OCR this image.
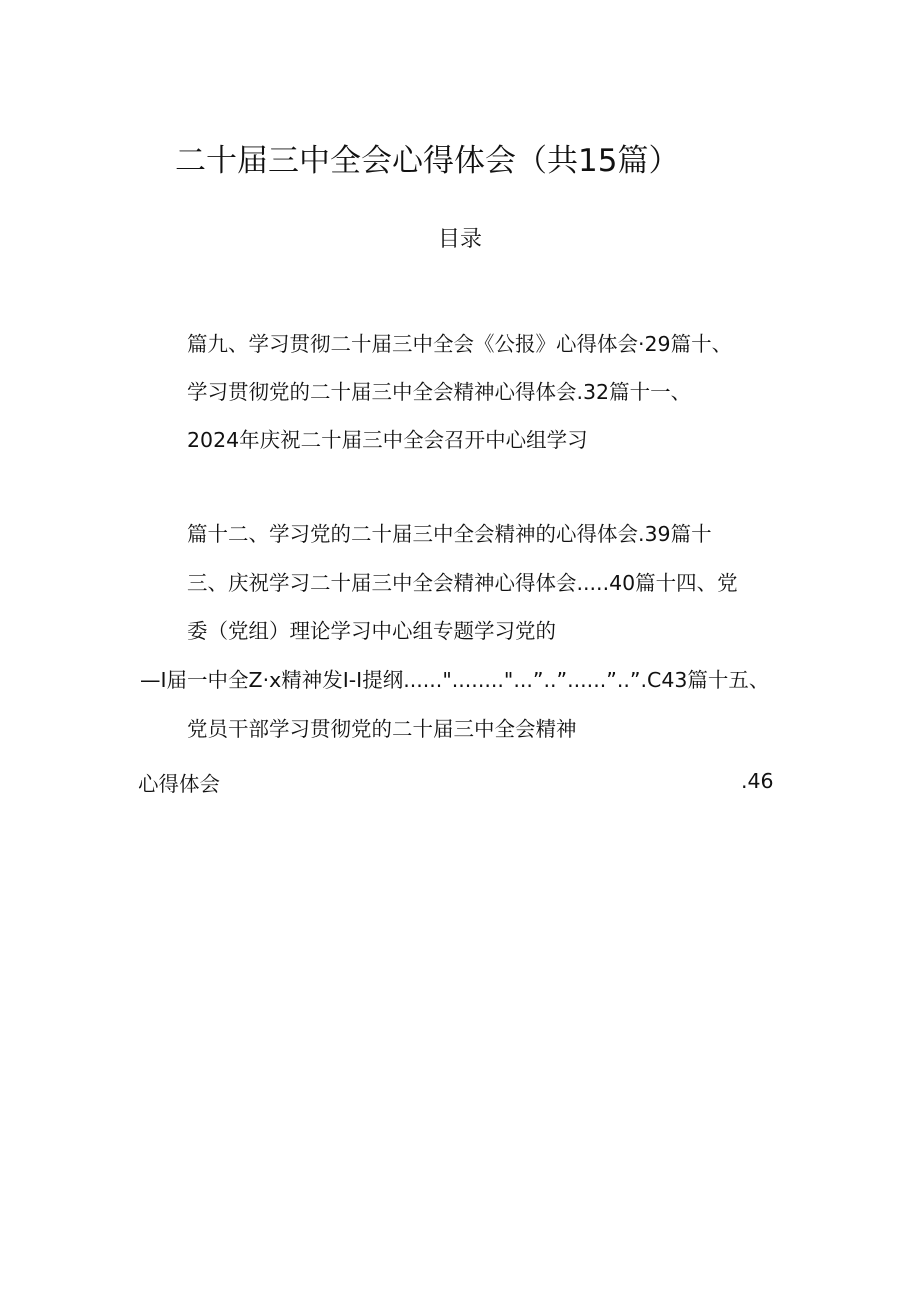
二十届三中全会心得体会（共15篇）
目录
篇九、学习贯彻二十届三中全会《公报》心得体会·29篇十、
学习贯彻党的二十届三中全会精神心得体会.32篇十一、
2024年庆祝二十届三中全会召开中心组学习
篇十二、学习党的二十届三中全会精神的心得体会.39篇十
三、庆祝学习二十届三中全会精神心得体会.....40篇十四、党
委（党组）理论学习中心组专题学习党的
—I届一中全Z·x精神发I-I提纲......"........"...”..”......”..”.C43篇十五、
党员干部学习贯彻党的二十届三中全会精神
心得体会	.46
